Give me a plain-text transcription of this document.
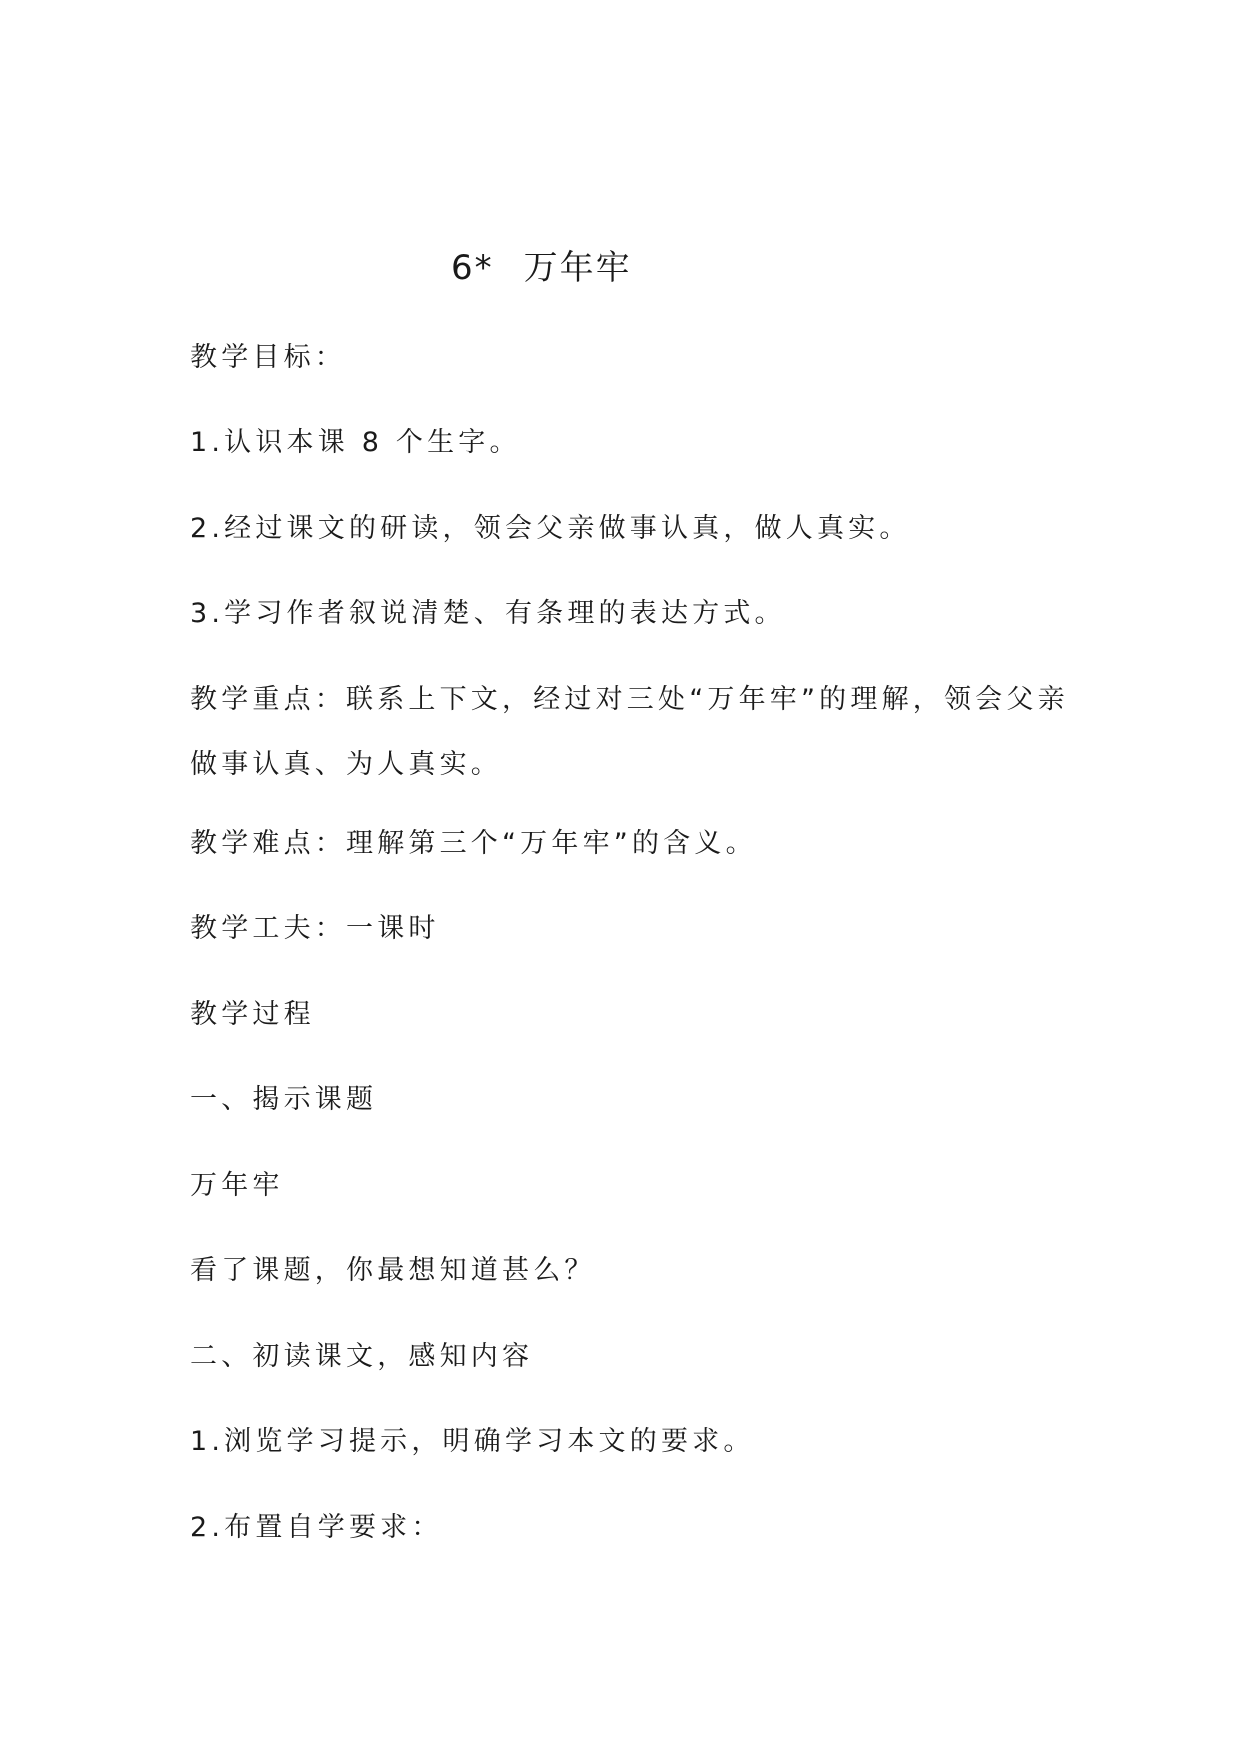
6* 万年牢
教学目标：
1.认识本课 8 个生字。
2.经过课文的研读，领会父亲做事认真，做人真实。
3.学习作者叙说清楚、有条理的表达方式。
教学重点：联系上下文，经过对三处“万年牢”的理解，领会父亲做事认真、为人真实。
教学难点：理解第三个“万年牢”的含义。
教学工夫：一课时
教学过程
一、揭示课题
万年牢
看了课题，你最想知道甚么？
二、初读课文，感知内容
1.浏览学习提示，明确学习本文的要求。
2.布置自学要求：
